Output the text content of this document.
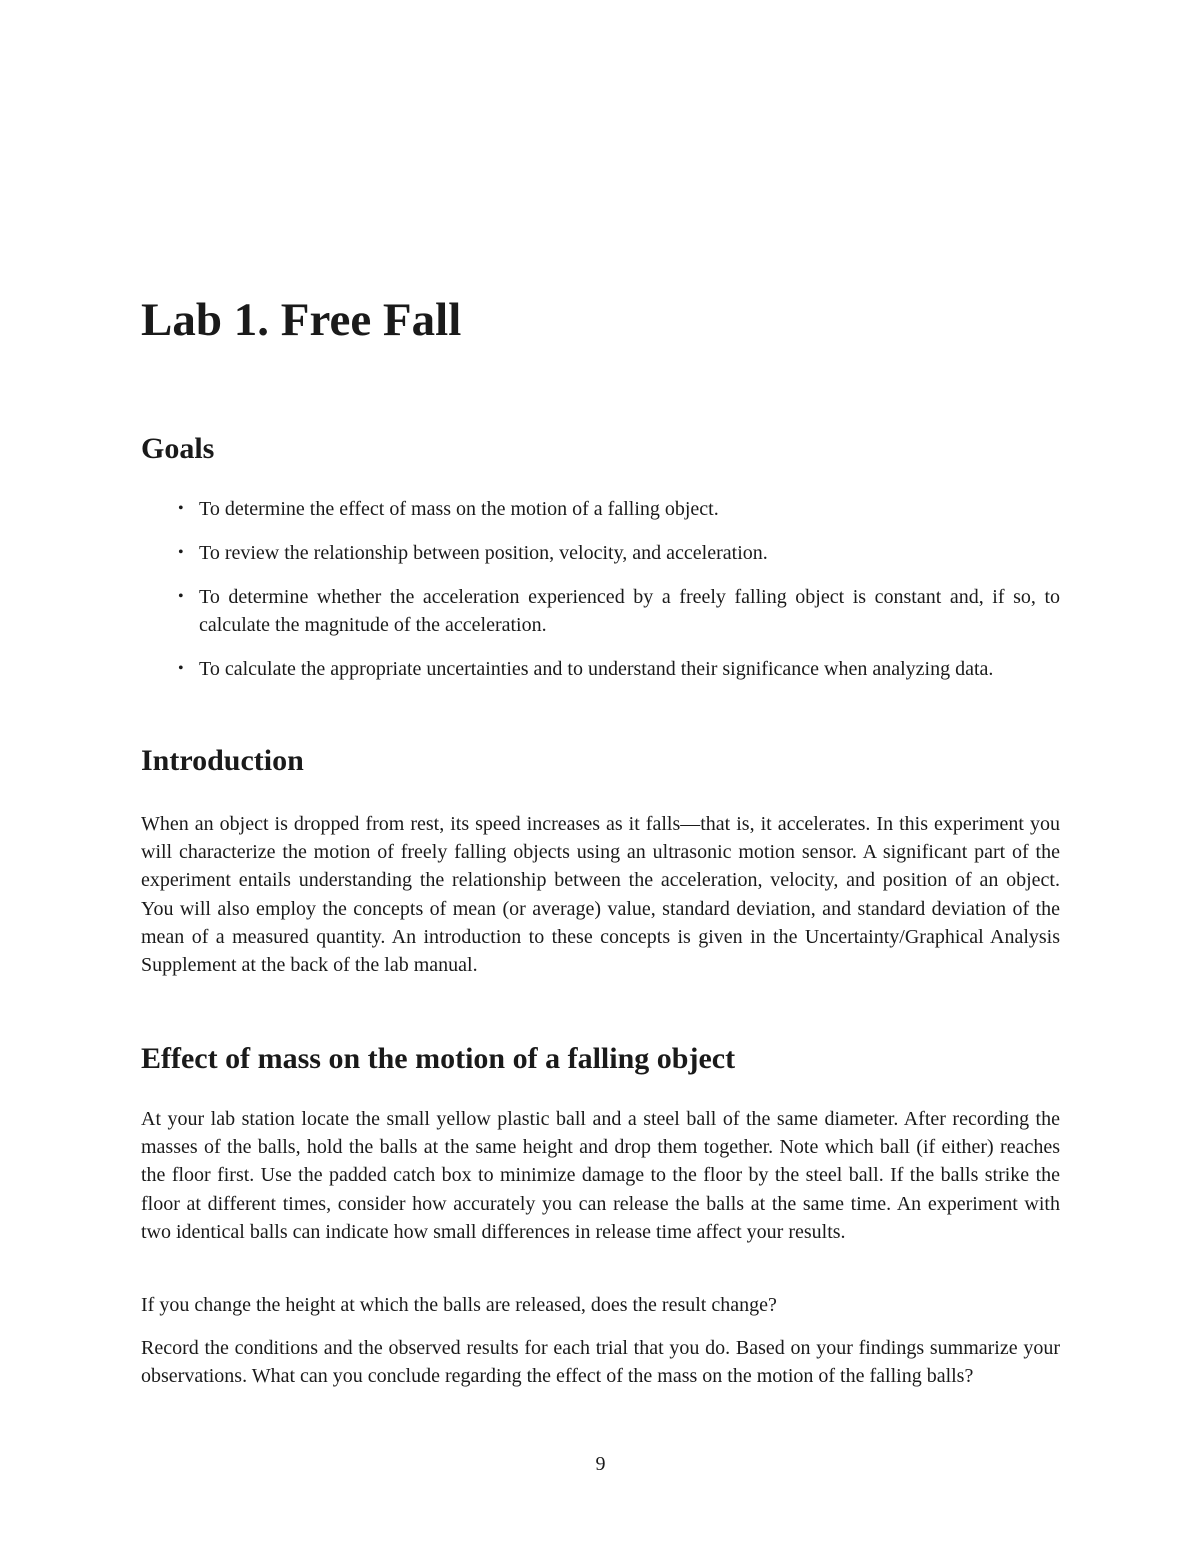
Lab 1. Free Fall
Goals
• To determine the effect of mass on the motion of a falling object.
• To review the relationship between position, velocity, and acceleration.
• To determine whether the acceleration experienced by a freely falling object is constant and, if so, to calculate the magnitude of the acceleration.
• To calculate the appropriate uncertainties and to understand their significance when analyzing data.
Introduction

When an object is dropped from rest, its speed increases as it falls—that is, it accelerates. In this experiment you will characterize the motion of freely falling objects using an ultrasonic motion sensor. A significant part of the experiment entails understanding the relationship between the acceleration, velocity, and position of an object. You will also employ the concepts of mean (or average) value, standard deviation, and standard deviation of the mean of a measured quantity. An introduction to these concepts is given in the Uncertainty/Graphical Analysis Supplement at the back of the lab manual.

Effect of mass on the motion of a falling object

At your lab station locate the small yellow plastic ball and a steel ball of the same diameter. After recording the masses of the balls, hold the balls at the same height and drop them together. Note which ball (if either) reaches the floor first. Use the padded catch box to minimize damage to the floor by the steel ball. If the balls strike the floor at different times, consider how accurately you can release the balls at the same time. An experiment with two identical balls can indicate how small differences in release time affect your results.

If you change the height at which the balls are released, does the result change?

Record the conditions and the observed results for each trial that you do. Based on your findings summarize your observations. What can you conclude regarding the effect of the mass on the motion of the falling balls?

9
